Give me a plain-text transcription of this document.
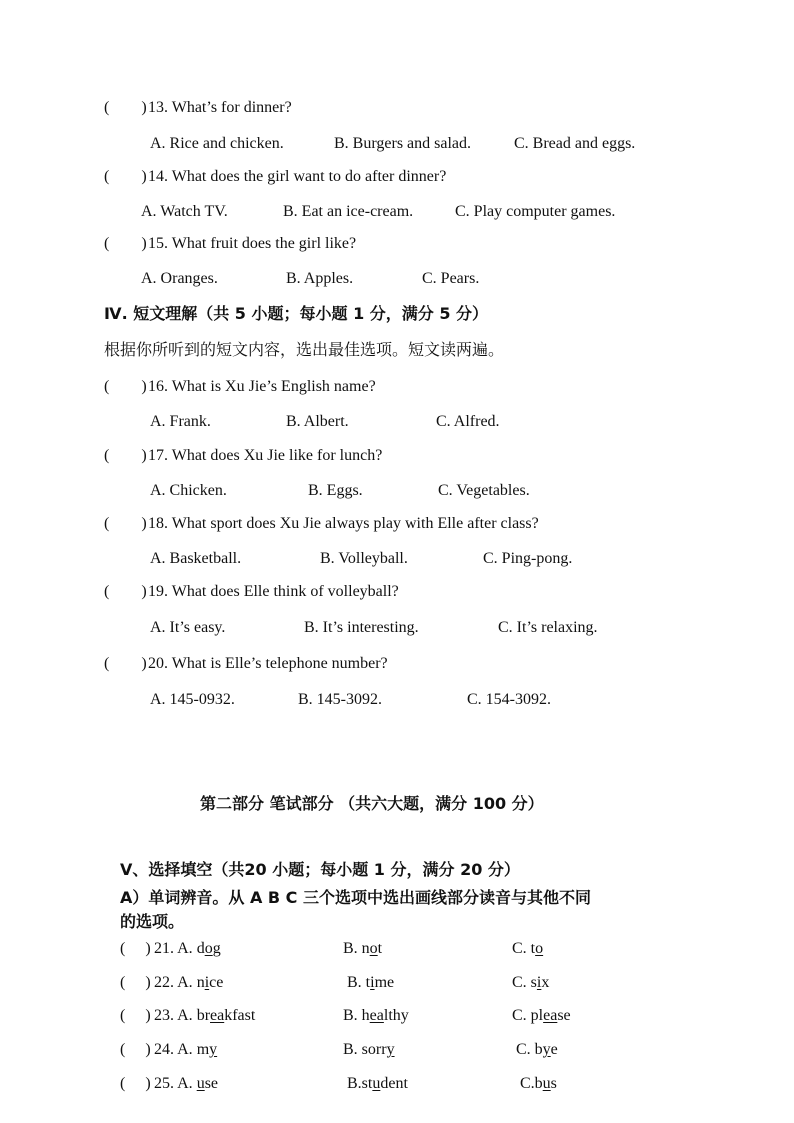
(        ) 13. What’s for dinner?
A. Rice and chicken.	B. Burgers and salad.	C. Bread and eggs.
(        ) 14. What does the girl want to do after dinner?
A. Watch TV.	B. Eat an ice-cream.	C. Play computer games.
(        ) 15. What fruit does the girl like?
A. Oranges.	B. Apples.	C. Pears.
Ⅳ. 短文理解（共 5 小题；每小题 1 分，满分 5 分）
根据你所听到的短文内容，选出最佳选项。短文读两遍。
(        ) 16. What is Xu Jie’s English name?
A. Frank.	B. Albert.	C. Alfred.
(        ) 17. What does Xu Jie like for lunch?
A. Chicken.	B. Eggs.	C. Vegetables.
(        ) 18. What sport does Xu Jie always play with Elle after class?
A. Basketball.	B. Volleyball.	C. Ping-pong.
(        ) 19. What does Elle think of volleyball?
A. It’s easy.	B. It’s interesting.	C. It’s relaxing.
(        ) 20. What is Elle’s telephone number?
A. 145-0932.	B. 145-3092.	C. 154-3092.
第二部分 笔试部分 （共六大题，满分 100 分）
V、选择填空（共20 小题；每小题 1 分，满分 20 分）
A）单词辨音。从 A B C 三个选项中选出画线部分读音与其他不同
的选项。
(     ) 21. A. dog	B. not	C. to
(     ) 22. A. nice	B. time	C. six
(     ) 23. A. breakfast	B. healthy	C. please
(     ) 24. A. my	B. sorry	C. bye
(     ) 25. A. use	B.student	C.bus
